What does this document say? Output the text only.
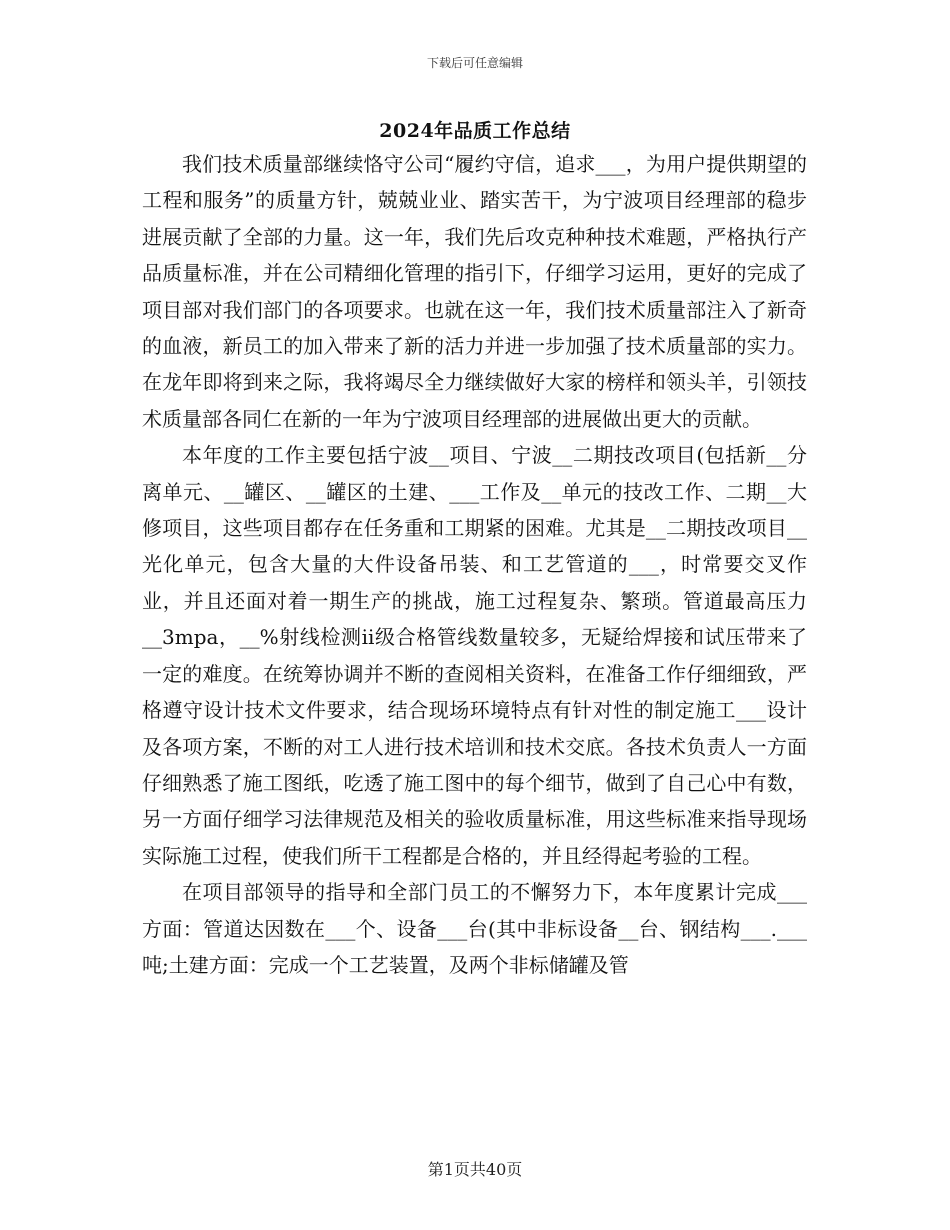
下载后可任意编辑
2024年品质工作总结

我们技术质量部继续恪守公司“履约守信，追求___，为用户提供期望的工程和服务”的质量方针，兢兢业业、踏实苦干，为宁波项目经理部的稳步进展贡献了全部的力量。这一年，我们先后攻克种种技术难题，严格执行产品质量标准，并在公司精细化管理的指引下，仔细学习运用，更好的完成了项目部对我们部门的各项要求。也就在这一年，我们技术质量部注入了新奇的血液，新员工的加入带来了新的活力并进一步加强了技术质量部的实力。在龙年即将到来之际，我将竭尽全力继续做好大家的榜样和领头羊，引领技术质量部各同仁在新的一年为宁波项目经理部的进展做出更大的贡献。

本年度的工作主要包括宁波__项目、宁波__二期技改项目(包括新__分离单元、__罐区、__罐区的土建、___工作及__单元的技改工作、二期__大修项目，这些项目都存在任务重和工期紧的困难。尤其是__二期技改项目__光化单元，包含大量的大件设备吊装、和工艺管道的___，时常要交叉作业，并且还面对着一期生产的挑战，施工过程复杂、繁琐。管道最高压力__3mpa，__%射线检测ii级合格管线数量较多，无疑给焊接和试压带来了一定的难度。在统筹协调并不断的查阅相关资料，在准备工作仔细细致，严格遵守设计技术文件要求，结合现场环境特点有针对性的制定施工___设计及各项方案，不断的对工人进行技术培训和技术交底。各技术负责人一方面仔细熟悉了施工图纸，吃透了施工图中的每个细节，做到了自己心中有数，另一方面仔细学习法律规范及相关的验收质量标准，用这些标准来指导现场实际施工过程，使我们所干工程都是合格的，并且经得起考验的工程。

在项目部领导的指导和全部门员工的不懈努力下，本年度累计完成___方面：管道达因数在___个、设备___台(其中非标设备__台、钢结构___.___吨;土建方面：完成一个工艺装置，及两个非标储罐及管

第1页共40页
